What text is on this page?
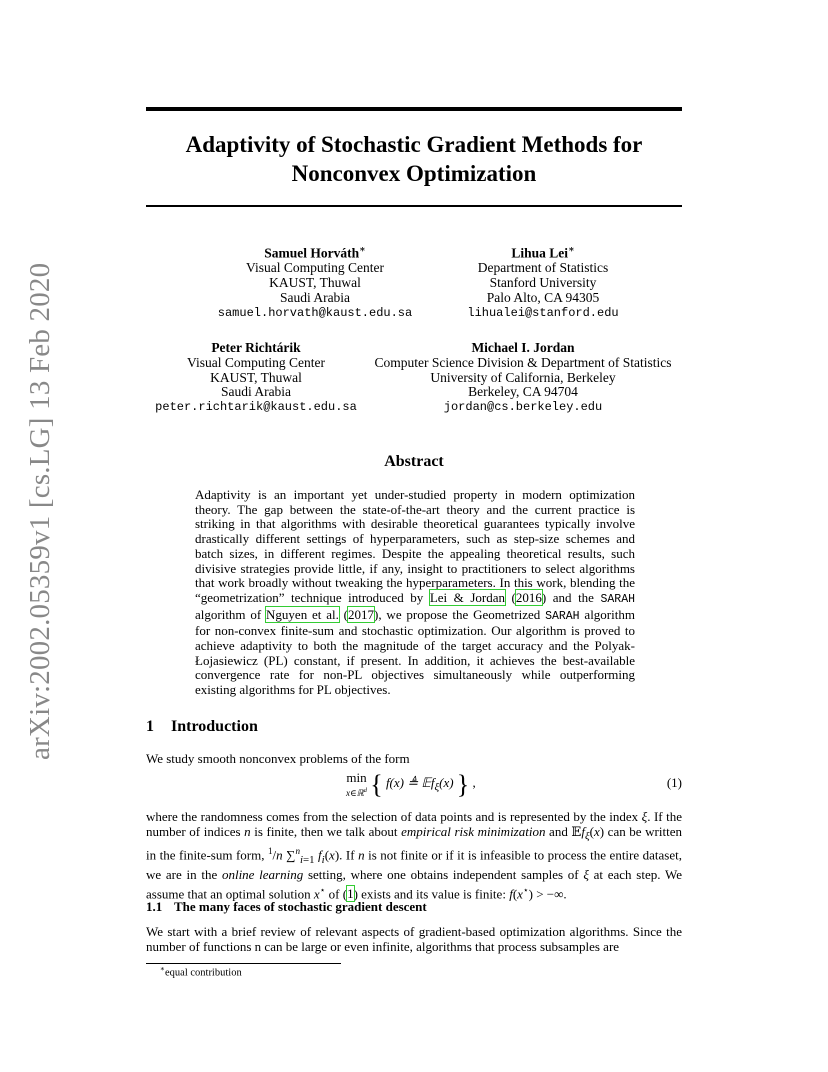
arXiv:2002.05359v1 [cs.LG] 13 Feb 2020
Adaptivity of Stochastic Gradient Methods for
Nonconvex Optimization
Samuel Horváth∗
Visual Computing Center
KAUST, Thuwal
Saudi Arabia
samuel.horvath@kaust.edu.sa
Lihua Lei∗
Department of Statistics
Stanford University
Palo Alto, CA 94305
lihualei@stanford.edu
Peter Richtárik
Visual Computing Center
KAUST, Thuwal
Saudi Arabia
peter.richtarik@kaust.edu.sa
Michael I. Jordan
Computer Science Division & Department of Statistics
University of California, Berkeley
Berkeley, CA 94704
jordan@cs.berkeley.edu
Abstract
Adaptivity is an important yet under-studied property in modern optimization theory. The gap between the state-of-the-art theory and the current practice is striking in that algorithms with desirable theoretical guarantees typically involve drastically different settings of hyperparameters, such as step-size schemes and batch sizes, in different regimes. Despite the appealing theoretical results, such divisive strategies provide little, if any, insight to practitioners to select algorithms that work broadly without tweaking the hyperparameters. In this work, blending the “geometrization” technique introduced by Lei & Jordan (2016) and the SARAH algorithm of Nguyen et al. (2017), we propose the Geometrized SARAH algorithm for non-convex finite-sum and stochastic optimization. Our algorithm is proved to achieve adaptivity to both the magnitude of the target accuracy and the Polyak-Łojasiewicz (PL) constant, if present. In addition, it achieves the best-available convergence rate for non-PL objectives simultaneously while outperforming existing algorithms for PL objectives.
1 Introduction
We study smooth nonconvex problems of the form
min
x∈ℝ$^d$ { f(x) ≜ 𝔼f$_\xi$(x) } ,	(1)
where the randomness comes from the selection of data points and is represented by the index ξ. If the number of indices n is finite, then we talk about empirical risk minimization and 𝔼f$_\xi$(x) can be written in the finite-sum form, $^1$/n ∑$^n_{i=1}$ $f_i(x)$. If n is not finite or if it is infeasible to process the entire dataset, we are in the online learning setting, where one obtains independent samples of ξ at each step. We assume that an optimal solution x⋆ of (1) exists and its value is finite: f(x⋆) > −∞.
1.1 The many faces of stochastic gradient descent
We start with a brief review of relevant aspects of gradient-based optimization algorithms. Since the number of functions n can be large or even infinite, algorithms that process subsamples are
∗equal contribution
